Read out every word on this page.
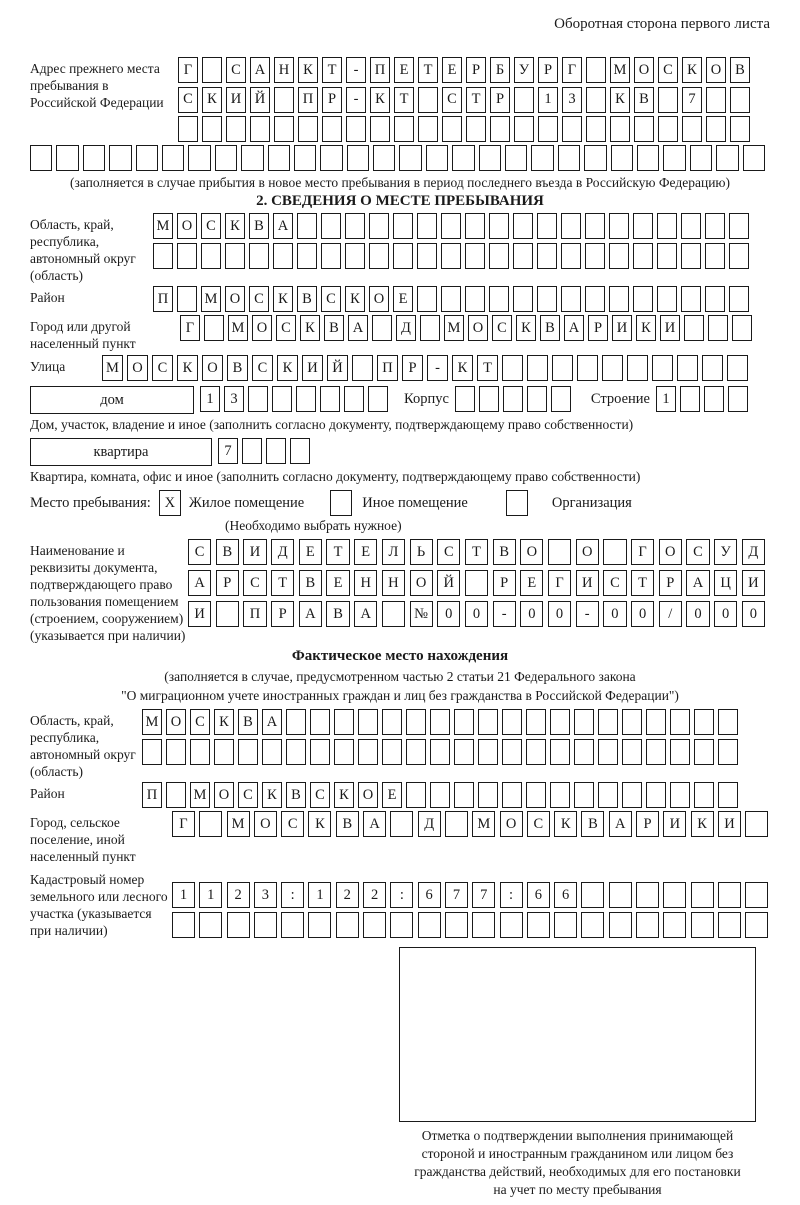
Оборотная сторона первого листа
Адрес прежнего места пребывания в Российской Федерации
Г	С А Н К	Т	-	П Е	Т	Е	Р	Б	У	Р	Г	М О С К О В
С К И Й	П	Р	-	К	Т	С	Т	Р	1	3	К В	7
(заполняется в случае прибытия в новое место пребывания в период последнего въезда в Российскую Федерацию)
2. СВЕДЕНИЯ О МЕСТЕ ПРЕБЫВАНИЯ
Область, край, республика, автономный округ (область)
М О С К В А
Район	П	М О С К В С К О Е
Город или другой населенный пункт
Г	М О С К В А	Д	М О С К В А	Р	И К И
Улица	М О	С	К	О	В	С	К	И	Й	П	Р	-	К	Т
дом	1	3	Корпус	Строение 1
Дом, участок, владение и иное (заполнить согласно документу, подтверждающему право собственности)
квартира	7
Квартира, комната, офис и иное (заполнить согласно документу, подтверждающему право собственности)
Место пребывания: X Жилое помещение	Иное помещение	Организация
(Необходимо выбрать нужное)
Наименование и реквизиты документа, подтверждающего право пользования помещением (строением, сооружением) (указывается при наличии)
С	В	И	Д	Е	Т	Е	Л	Ь	С	Т	В	О	О	Г	О	С	У	Д
А	Р	С	Т	В	Е	Н	Н	О	Й	Р	Е	Г	И	С	Т	Р	А	Ц	И
И	П	Р	А	В	А	№	0	0	-	0	0	-	0	0	/	0	0	0
Фактическое место нахождения
(заполняется в случае, предусмотренном частью 2 статьи 21 Федерального закона
"О миграционном учете иностранных граждан и лиц без гражданства в Российской Федерации")
Область, край, республика, автономный округ (область)
М О С К В А
Район	П	М О С К В С К О Е
Город, сельское поселение, иной населенный пункт
Г	М	О	С	К	В	А	Д	М	О	С	К	В	А	Р	И	К	И
Кадастровый номер земельного или лесного участка (указывается при наличии)
1	1	2	3	:	1	2	2	:	6	7	7	:	6	6
Отметка о подтверждении выполнения принимающей
стороной и иностранным гражданином или лицом без
гражданства действий, необходимых для его постановки
на учет по месту пребывания
